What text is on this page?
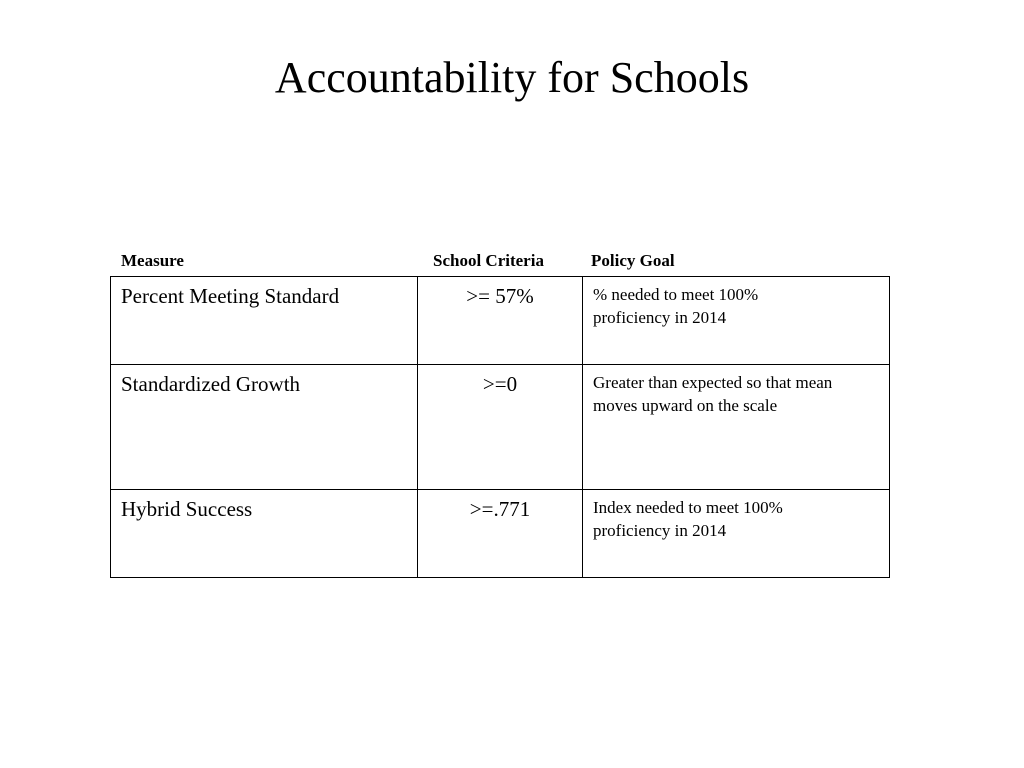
Accountability for Schools
Measure	School Criteria	Policy Goal
Percent Meeting Standard	>= 57%	% needed to meet 100%
proficiency in 2014

Standardized Growth	>=0	Greater than expected so that mean
moves upward on the scale

Hybrid Success	>=.771	Index needed to meet 100%
proficiency in 2014
